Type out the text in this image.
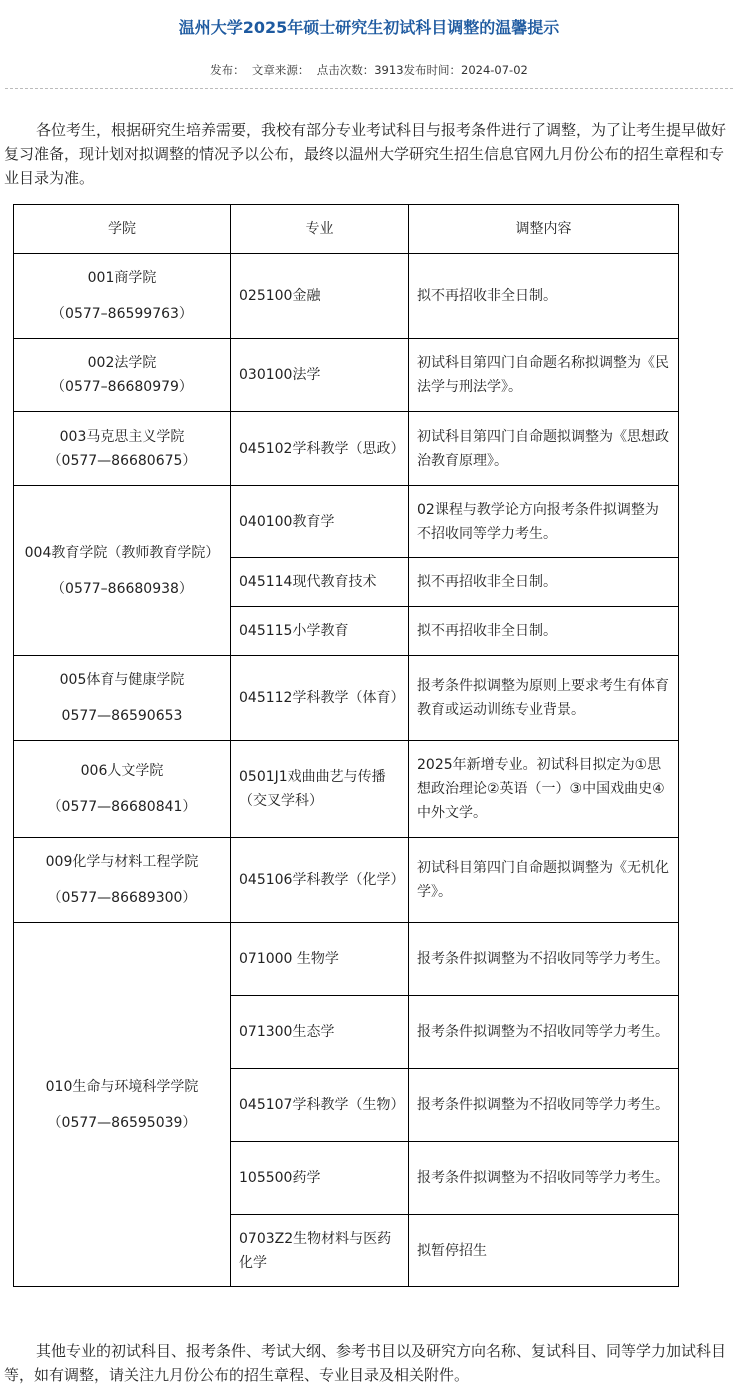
温州大学2025年硕士研究生初试科目调整的温馨提示
发布：  文章来源：  点击次数：3913发布时间：2024-07-02

各位考生，根据研究生培养需要，我校有部分专业考试科目与报考条件进行了调整，为了让考生提早做好复习准备，现计划对拟调整的情况予以公布，最终以温州大学研究生招生信息官网九月份公布的招生章程和专业目录为准。

学院	专业	调整内容
001商学院
（0577–86599763）	025100金融	拟不再招收非全日制。
002法学院
（0577–86680979）	030100法学	初试科目第四门自命题名称拟调整为《民法学与刑法学》。
003马克思主义学院
（0577—86680675）	045102学科教学（思政）	初试科目第四门自命题拟调整为《思想政治教育原理》。
004教育学院（教师教育学院）
（0577–86680938）	040100教育学	02课程与教学论方向报考条件拟调整为不招收同等学力考生。
	045114现代教育技术	拟不再招收非全日制。
	045115小学教育	拟不再招收非全日制。
005体育与健康学院
0577—86590653	045112学科教学（体育）	报考条件拟调整为原则上要求考生有体育教育或运动训练专业背景。
006人文学院
（0577—86680841）	0501J1戏曲曲艺与传播（交叉学科）	2025年新增专业。初试科目拟定为①思想政治理论②英语（一）③中国戏曲史④中外文学。
009化学与材料工程学院
（0577—86689300）	045106学科教学（化学）	初试科目第四门自命题拟调整为《无机化学》。
010生命与环境科学学院
（0577—86595039）	071000 生物学	报考条件拟调整为不招收同等学力考生。
	071300生态学	报考条件拟调整为不招收同等学力考生。
	045107学科教学（生物）	报考条件拟调整为不招收同等学力考生。
	105500药学	报考条件拟调整为不招收同等学力考生。
	0703Z2生物材料与医药化学	拟暂停招生

其他专业的初试科目、报考条件、考试大纲、参考书目以及研究方向名称、复试科目、同等学力加试科目等，如有调整，请关注九月份公布的招生章程、专业目录及相关附件。
